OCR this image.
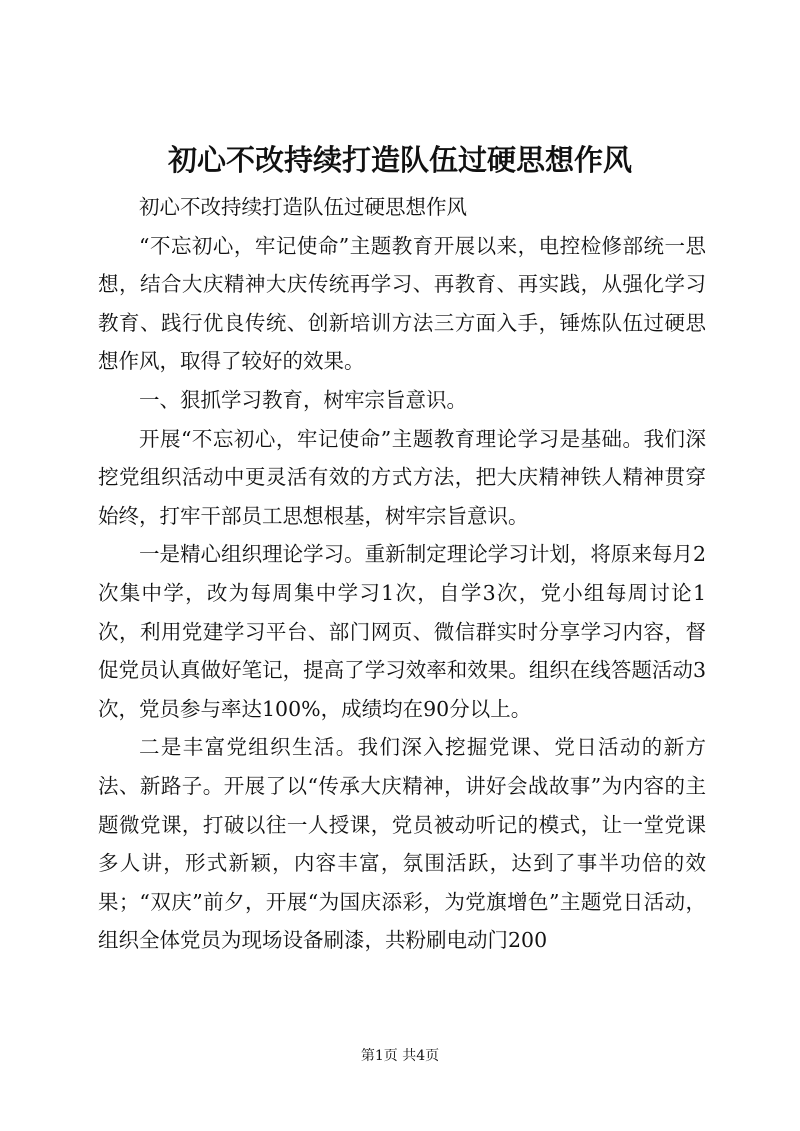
初心不改持续打造队伍过硬思想作风

初心不改持续打造队伍过硬思想作风

“不忘初心，牢记使命”主题教育开展以来，电控检修部统一思想，结合大庆精神大庆传统再学习、再教育、再实践，从强化学习教育、践行优良传统、创新培训方法三方面入手，锤炼队伍过硬思想作风，取得了较好的效果。

一、狠抓学习教育，树牢宗旨意识。

开展“不忘初心，牢记使命”主题教育理论学习是基础。我们深挖党组织活动中更灵活有效的方式方法，把大庆精神铁人精神贯穿始终，打牢干部员工思想根基，树牢宗旨意识。

一是精心组织理论学习。重新制定理论学习计划，将原来每月2次集中学，改为每周集中学习1次，自学3次，党小组每周讨论1次，利用党建学习平台、部门网页、微信群实时分享学习内容，督促党员认真做好笔记，提高了学习效率和效果。组织在线答题活动3次，党员参与率达100%，成绩均在90分以上。

二是丰富党组织生活。我们深入挖掘党课、党日活动的新方法、新路子。开展了以“传承大庆精神，讲好会战故事”为内容的主题微党课，打破以往一人授课，党员被动听记的模式，让一堂党课多人讲，形式新颖，内容丰富，氛围活跃，达到了事半功倍的效果；“双庆”前夕，开展“为国庆添彩，为党旗增色”主题党日活动，组织全体党员为现场设备刷漆，共粉刷电动门200

第1页 共4页
